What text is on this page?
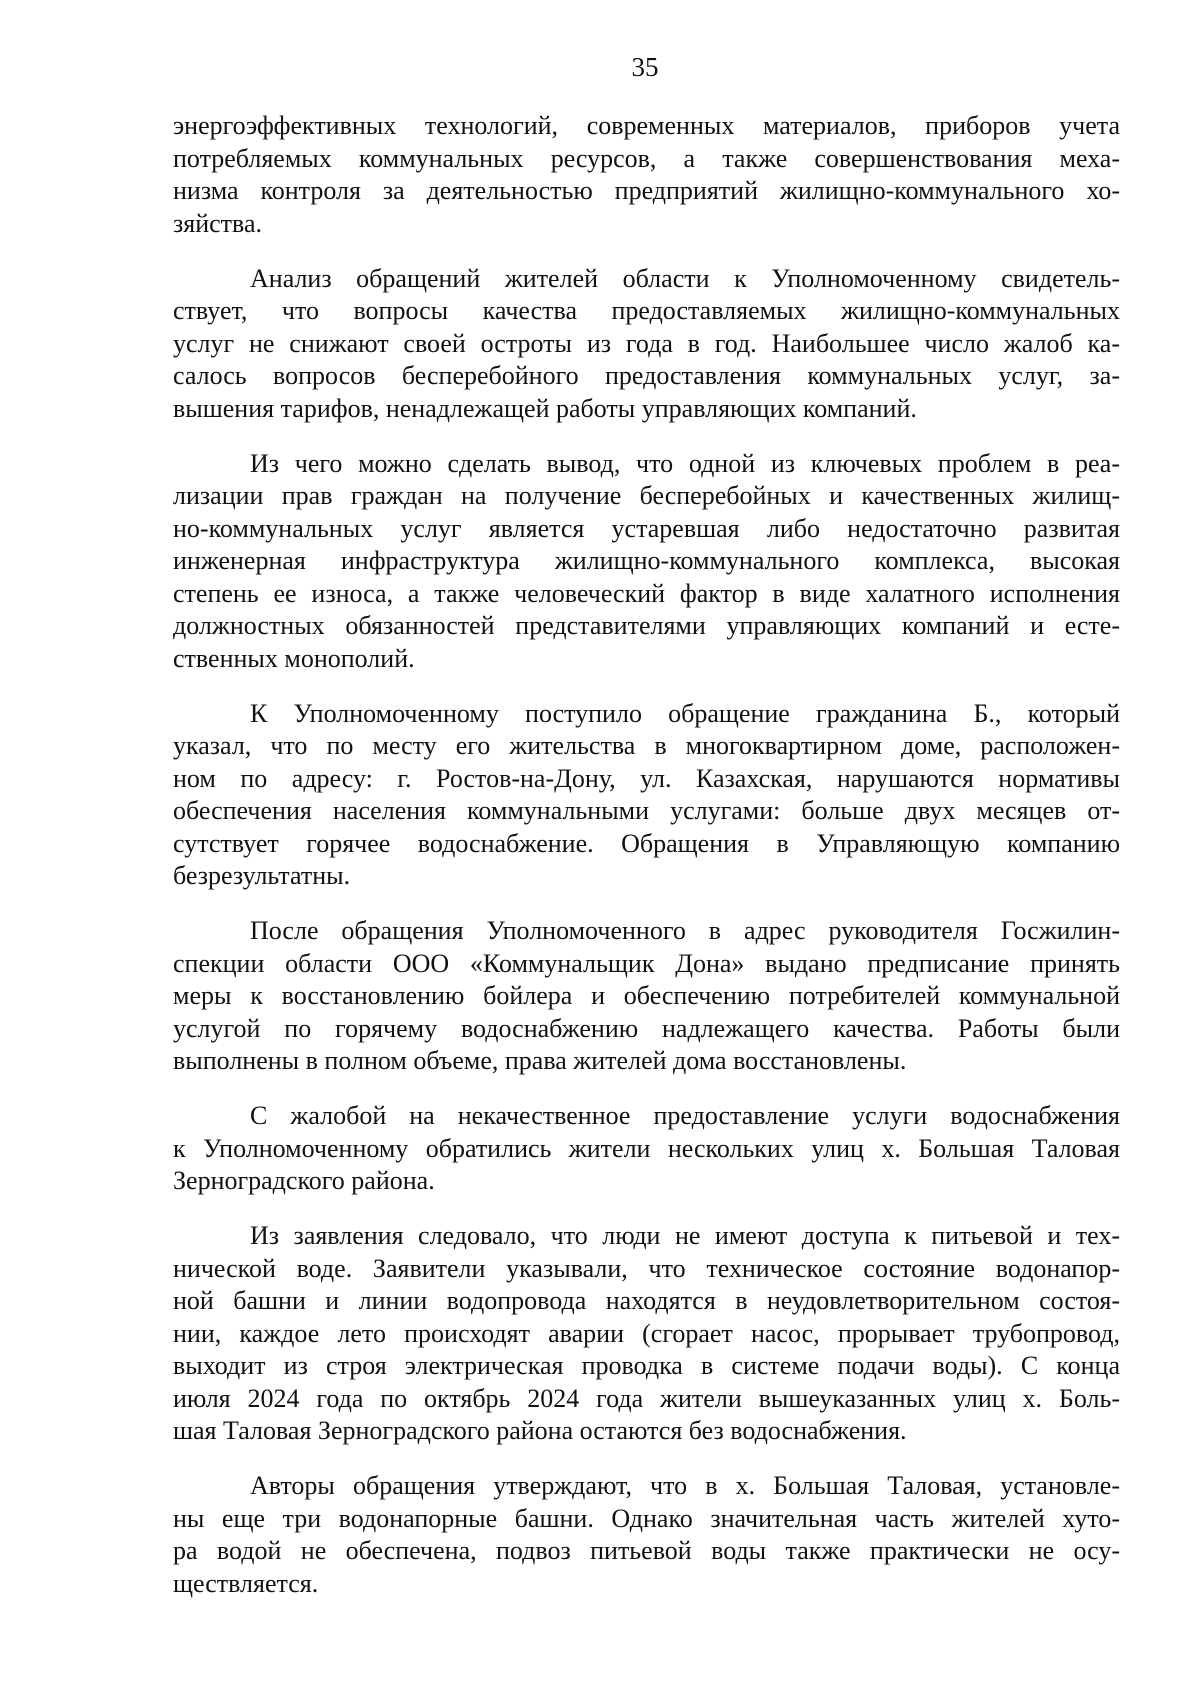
35

энергоэффективных технологий, современных материалов, приборов учета
потребляемых коммунальных ресурсов, а также совершенствования меха-
низма контроля за деятельностью предприятий жилищно-коммунального хо-
зяйства.

Анализ обращений жителей области к Уполномоченному свидетель-
ствует, что вопросы качества предоставляемых жилищно-коммунальных
услуг не снижают своей остроты из года в год. Наибольшее число жалоб ка-
салось вопросов бесперебойного предоставления коммунальных услуг, за-
вышения тарифов, ненадлежащей работы управляющих компаний.

Из чего можно сделать вывод, что одной из ключевых проблем в реа-
лизации прав граждан на получение бесперебойных и качественных жилищ-
но-коммунальных услуг является устаревшая либо недостаточно развитая
инженерная инфраструктура жилищно-коммунального комплекса, высокая
степень ее износа, а также человеческий фактор в виде халатного исполнения
должностных обязанностей представителями управляющих компаний и есте-
ственных монополий.

К Уполномоченному поступило обращение гражданина Б., который
указал, что по месту его жительства в многоквартирном доме, расположен-
ном по адресу: г. Ростов-на-Дону, ул. Казахская, нарушаются нормативы
обеспечения населения коммунальными услугами: больше двух месяцев от-
сутствует горячее водоснабжение. Обращения в Управляющую компанию
безрезультатны.

После обращения Уполномоченного в адрес руководителя Госжилин-
спекции области ООО «Коммунальщик Дона» выдано предписание принять
меры к восстановлению бойлера и обеспечению потребителей коммунальной
услугой по горячему водоснабжению надлежащего качества. Работы были
выполнены в полном объеме, права жителей дома восстановлены.

С жалобой на некачественное предоставление услуги водоснабжения
к Уполномоченному обратились жители нескольких улиц х. Большая Таловая
Зерноградского района.

Из заявления следовало, что люди не имеют доступа к питьевой и тех-
нической воде. Заявители указывали, что техническое состояние водонапор-
ной башни и линии водопровода находятся в неудовлетворительном состоя-
нии, каждое лето происходят аварии (сгорает насос, прорывает трубопровод,
выходит из строя электрическая проводка в системе подачи воды). С конца
июля 2024 года по октябрь 2024 года жители вышеуказанных улиц х. Боль-
шая Таловая Зерноградского района остаются без водоснабжения.

Авторы обращения утверждают, что в х. Большая Таловая, установле-
ны еще три водонапорные башни. Однако значительная часть жителей хуто-
ра водой не обеспечена, подвоз питьевой воды также практически не осу-
ществляется.
